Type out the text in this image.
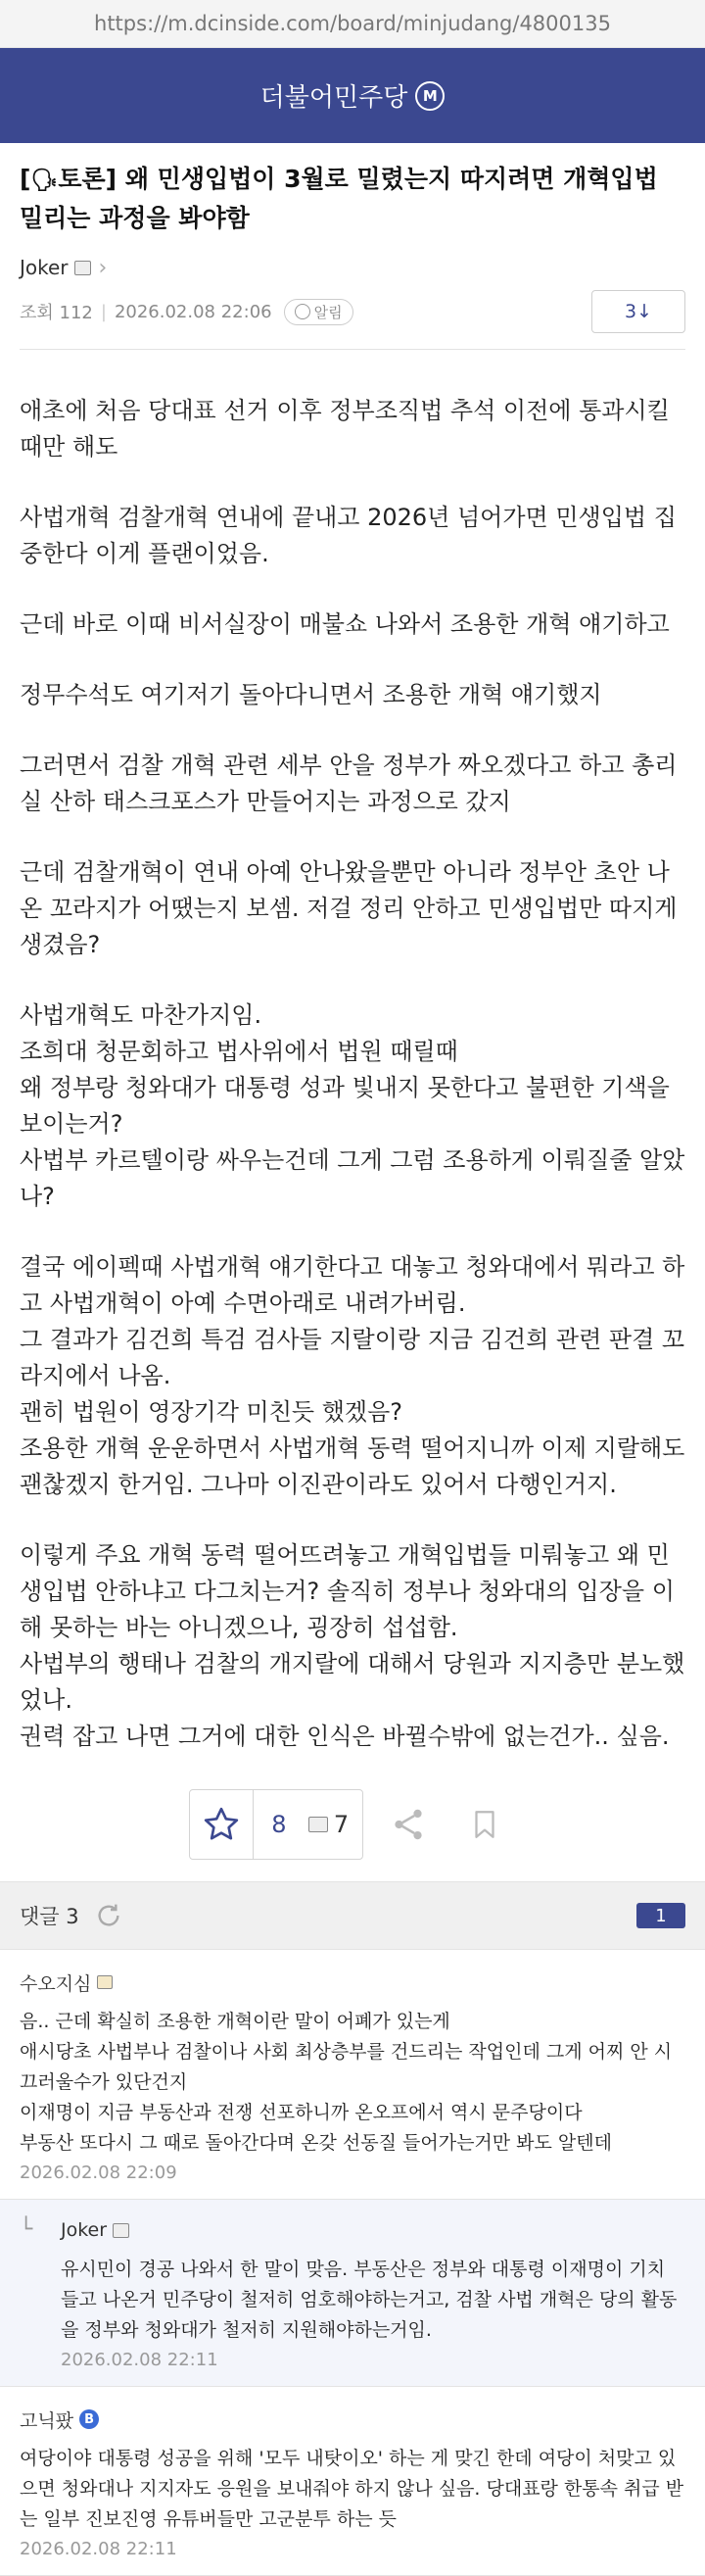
https://m.dcinside.com/board/minjudang/4800135
더불어민주당	M
[🗣토론] 왜 민생입법이 3월로 밀렸는지 따지려면 개혁입법 밀리는 과정을 봐야함
Joker ›
조회 112 | 2026.02.08 22:06	알림	3↓

애초에 처음 당대표 선거 이후 정부조직법 추석 이전에 통과시킬 때만 해도

사법개혁 검찰개혁 연내에 끝내고 2026년 넘어가면 민생입법 집중한다 이게 플랜이었음.

근데 바로 이때 비서실장이 매불쇼 나와서 조용한 개혁 얘기하고

정무수석도 여기저기 돌아다니면서 조용한 개혁 얘기했지

그러면서 검찰 개혁 관련 세부 안을 정부가 짜오겠다고 하고 총리실 산하 태스크포스가 만들어지는 과정으로 갔지

근데 검찰개혁이 연내 아예 안나왔을뿐만 아니라 정부안 초안 나온 꼬라지가 어땠는지 보셈. 저걸 정리 안하고 민생입법만 따지게 생겼음?

사법개혁도 마찬가지임.
조희대 청문회하고 법사위에서 법원 때릴때
왜 정부랑 청와대가 대통령 성과 빛내지 못한다고 불편한 기색을 보이는거?
사법부 카르텔이랑 싸우는건데 그게 그럼 조용하게 이뤄질줄 알았나?

결국 에이펙때 사법개혁 얘기한다고 대놓고 청와대에서 뭐라고 하고 사법개혁이 아예 수면아래로 내려가버림.
그 결과가 김건희 특검 검사들 지랄이랑 지금 김건희 관련 판결 꼬라지에서 나옴.
괜히 법원이 영장기각 미친듯 했겠음?
조용한 개혁 운운하면서 사법개혁 동력 떨어지니까 이제 지랄해도 괜찮겠지 한거임. 그나마 이진관이라도 있어서 다행인거지.

이렇게 주요 개혁 동력 떨어뜨려놓고 개혁입법들 미뤄놓고 왜 민생입법 안하냐고 다그치는거? 솔직히 정부나 청와대의 입장을 이해 못하는 바는 아니겠으나, 굉장히 섭섭함.
사법부의 행태나 검찰의 개지랄에 대해서 당원과 지지층만 분노했었나.
권력 잡고 나면 그거에 대한 인식은 바뀔수밖에 없는건가.. 싶음.

8	7
댓글 3	1
수오지심
음.. 근데 확실히 조용한 개혁이란 말이 어폐가 있는게
애시당초 사법부나 검찰이나 사회 최상층부를 건드리는 작업인데 그게 어찌 안 시끄러울수가 있단건지
이재명이 지금 부동산과 전쟁 선포하니까 온오프에서 역시 문주당이다
부동산 또다시 그 때로 돌아간다며 온갖 선동질 들어가는거만 봐도 알텐데
2026.02.08 22:09
└	Joker
유시민이 경공 나와서 한 말이 맞음. 부동산은 정부와 대통령 이재명이 기치 들고 나온거 민주당이 철저히 엄호해야하는거고, 검찰 사법 개혁은 당의 활동을 정부와 청와대가 철저히 지원해야하는거임.
2026.02.08 22:11
고닉팠 B
여당이야 대통령 성공을 위해 '모두 내탓이오' 하는 게 맞긴 한데 여당이 처맞고 있으면 청와대나 지지자도 응원을 보내줘야 하지 않나 싶음. 당대표랑 한통속 취급 받는 일부 진보진영 유튜버들만 고군분투 하는 듯
2026.02.08 22:11
